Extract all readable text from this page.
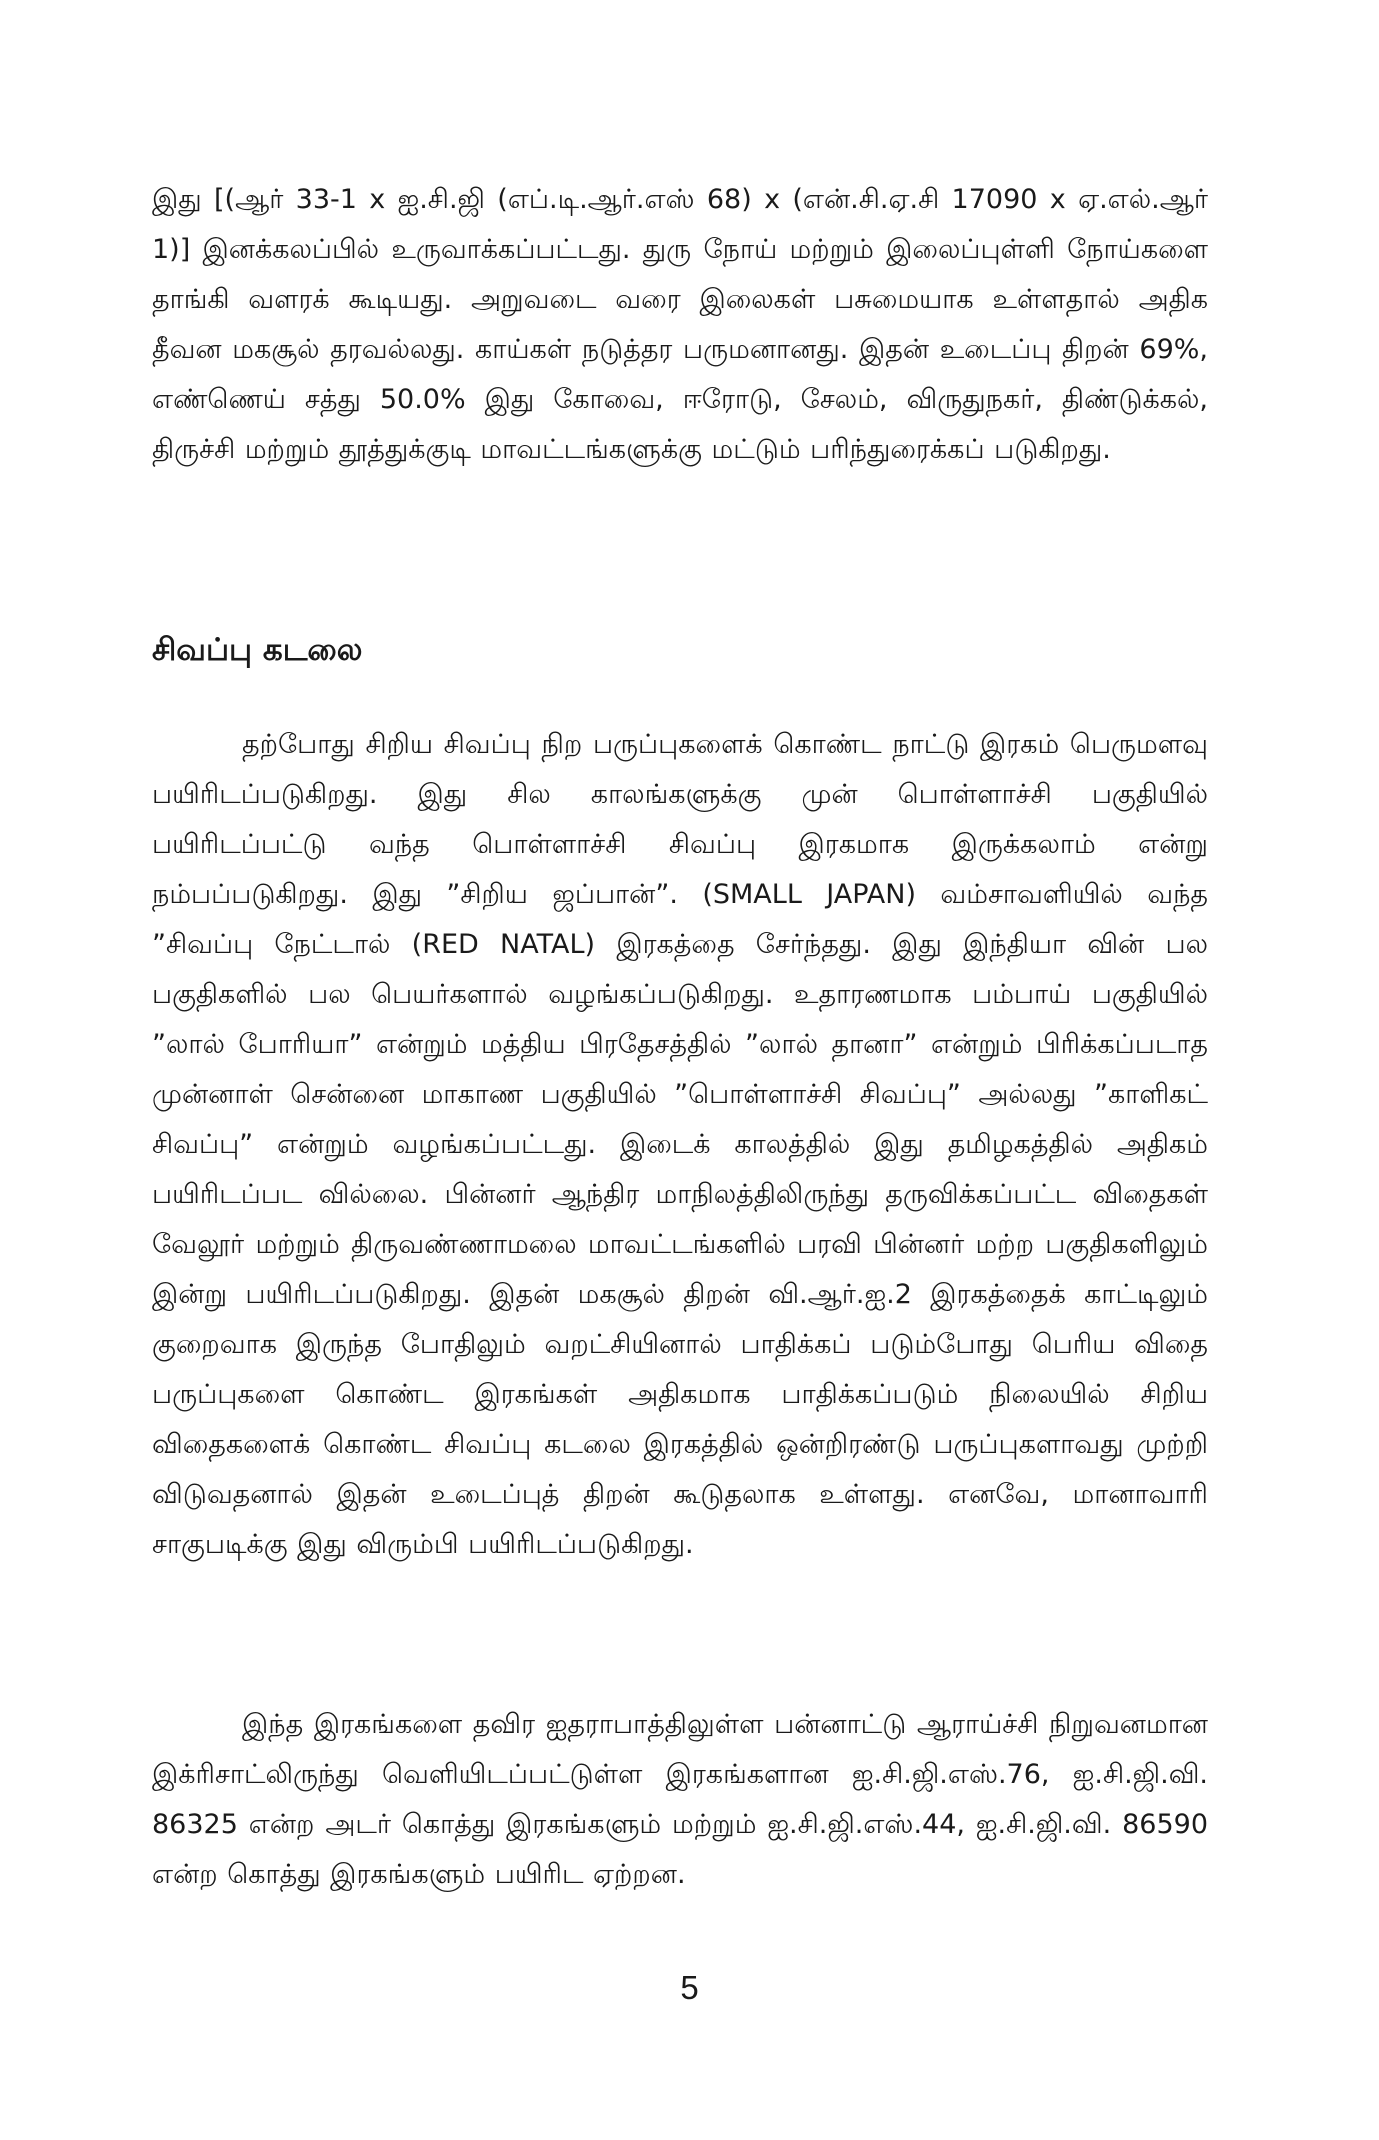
இது [(ஆர் 33-1 x ஐ.சி.ஜி (எப்.டி.ஆர்.எஸ் 68) x (என்.சி.ஏ.சி 17090 x ஏ.எல்.ஆர் 1)] இனக்கலப்பில் உருவாக்கப்பட்டது. துரு நோய் மற்றும் இலைப்புள்ளி நோய்களை தாங்கி வளரக் கூடியது. அறுவடை வரை இலைகள் பசுமையாக உள்ளதால் அதிக தீவன மகசூல் தரவல்லது. காய்கள் நடுத்தர பருமனானது. இதன் உடைப்பு திறன் 69%, எண்ணெய் சத்து 50.0% இது கோவை, ஈரோடு, சேலம், விருதுநகர், திண்டுக்கல், திருச்சி மற்றும் தூத்துக்குடி மாவட்டங்களுக்கு மட்டும் பரிந்துரைக்கப் படுகிறது.

சிவப்பு கடலை

தற்போது சிறிய சிவப்பு நிற பருப்புகளைக் கொண்ட நாட்டு இரகம் பெருமளவு பயிரிடப்படுகிறது. இது சில காலங்களுக்கு முன் பொள்ளாச்சி பகுதியில் பயிரிடப்பட்டு வந்த பொள்ளாச்சி சிவப்பு இரகமாக இருக்கலாம் என்று நம்பப்படுகிறது. இது ”சிறிய ஜப்பான்”. (SMALL JAPAN) வம்சாவளியில் வந்த ”சிவப்பு நேட்டால் (RED NATAL) இரகத்தை சேர்ந்தது. இது இந்தியா வின் பல பகுதிகளில் பல பெயர்களால் வழங்கப்படுகிறது. உதாரணமாக பம்பாய் பகுதியில் ”லால் போரியா” என்றும் மத்திய பிரதேசத்தில் ”லால் தானா” என்றும் பிரிக்கப்படாத முன்னாள் சென்னை மாகாண பகுதியில் ”பொள்ளாச்சி சிவப்பு” அல்லது ”காளிகட் சிவப்பு” என்றும் வழங்கப்பட்டது. இடைக் காலத்தில் இது தமிழகத்தில் அதிகம் பயிரிடப்பட வில்லை. பின்னர் ஆந்திர மாநிலத்திலிருந்து தருவிக்கப்பட்ட விதைகள் வேலூர் மற்றும் திருவண்ணாமலை மாவட்டங்களில் பரவி பின்னர் மற்ற பகுதிகளிலும் இன்று பயிரிடப்படுகிறது. இதன் மகசூல் திறன் வி.ஆர்.ஐ.2 இரகத்தைக் காட்டிலும் குறைவாக இருந்த போதிலும் வறட்சியினால் பாதிக்கப் படும்போது பெரிய விதை பருப்புகளை கொண்ட இரகங்கள் அதிகமாக பாதிக்கப்படும் நிலையில் சிறிய விதைகளைக் கொண்ட சிவப்பு கடலை இரகத்தில் ஒன்றிரண்டு பருப்புகளாவது முற்றி விடுவதனால் இதன் உடைப்புத் திறன் கூடுதலாக உள்ளது. எனவே, மானாவாரி சாகுபடிக்கு இது விரும்பி பயிரிடப்படுகிறது.

இந்த இரகங்களை தவிர ஐதராபாத்திலுள்ள பன்னாட்டு ஆராய்ச்சி நிறுவனமான இக்ரிசாட்லிருந்து வெளியிடப்பட்டுள்ள இரகங்களான ஐ.சி.ஜி.எஸ்.76, ஐ.சி.ஜி.வி. 86325 என்ற அடர் கொத்து இரகங்களும் மற்றும் ஐ.சி.ஜி.எஸ்.44, ஐ.சி.ஜி.வி. 86590 என்ற கொத்து இரகங்களும் பயிரிட ஏற்றன.

5
